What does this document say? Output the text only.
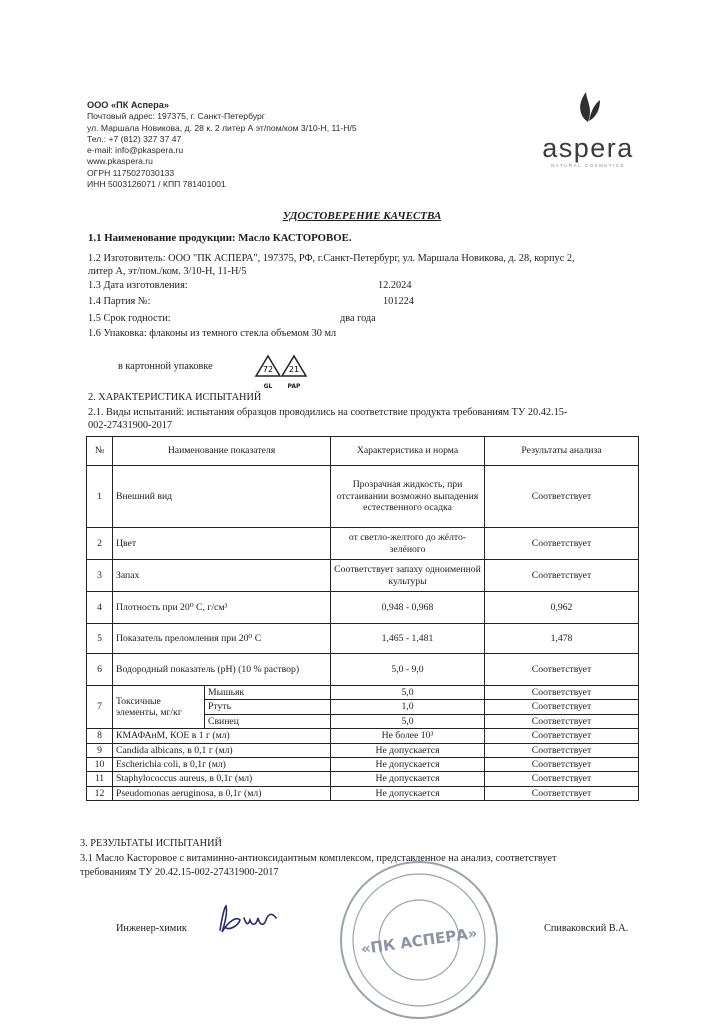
ООО «ПК Аспера»
Почтовый адрес: 197375, г. Санкт-Петербург
ул. Маршала Новикова, д. 28 к. 2 литер А эт/пом/ком 3/10-Н, 11-Н/5
Тел.: +7 (812) 327 37 47
e-mail: info@pkaspera.ru
www.pkaspera.ru
ОГРН 1175027030133
ИНН 5003126071 / КПП 781401001
aspera
NATURAL COSMETICS
УДОСТОВЕРЕНИЕ КАЧЕСТВА
1.1 Наименование продукции: Масло КАСТОРОВОЕ.
1.2 Изготовитель: ООО "ПК АСПЕРА", 197375, РФ, г.Санкт-Петербург, ул. Маршала Новикова, д. 28, корпус 2,
литер А, эт/пом./ком. 3/10-Н, 11-Н/5
1.3 Дата изготовления:	12.2024
1.4 Партия №:	101224
1.5 Срок годности:	два года
1.6 Упаковка: флаконы из темного стекла объемом 30 мл
в картонной упаковке	72
GL
21
PAP
2. ХАРАКТЕРИСТИКА ИСПЫТАНИЙ
2.1. Виды испытаний: испытания образцов проводились на соответствие продукта требованиям ТУ 20.42.15-
002-27431900-2017
№	Наименование показателя		Характеристика и норма	Результаты анализа
1	Внешний вид		Прозрачная жидкость, при отстаивании возможно выпадения естественного осадка	Соответствует
2	Цвет		от светло-желтого до жёлто-зелёного	Соответствует
3	Запах		Соответствует запаху одноименной культуры	Соответствует
4	Плотность при 20⁰ С, г/см³		0,948 - 0,968	0,962
5	Показатель преломления при 20⁰ С		1,465 - 1,481	1,478
6	Водородный показатель (pH) (10 % раствор)		5,0 - 9,0	Соответствует
7	Токсичные элементы, мг/кг	Мышьяк	5,0	Соответствует
		Ртуть	1,0	Соответствует
		Свинец	5,0	Соответствует
8	КМАФАнМ, КОЕ в 1 г (мл)		Не более 10³	Соответствует
9	Candida albicans, в 0,1 г (мл)		Не допускается	Соответствует
10	Escherichia coli, в 0,1г (мл)		Не допускается	Соответствует
11	Staphylococcus aureus, в 0,1г (мл)		Не допускается	Соответствует
12	Pseudomonas aeruginosa, в 0,1г (мл)		Не допускается	Соответствует
3. РЕЗУЛЬТАТЫ ИСПЫТАНИЙ
3.1 Масло Касторовое с витаминно-антиоксидантным комплексом, представленное на анализ, соответствует
требованиям ТУ 20.42.15-002-27431900-2017
Инженер-химик	Спиваковский В.А.
«ПК АСПЕРА»
